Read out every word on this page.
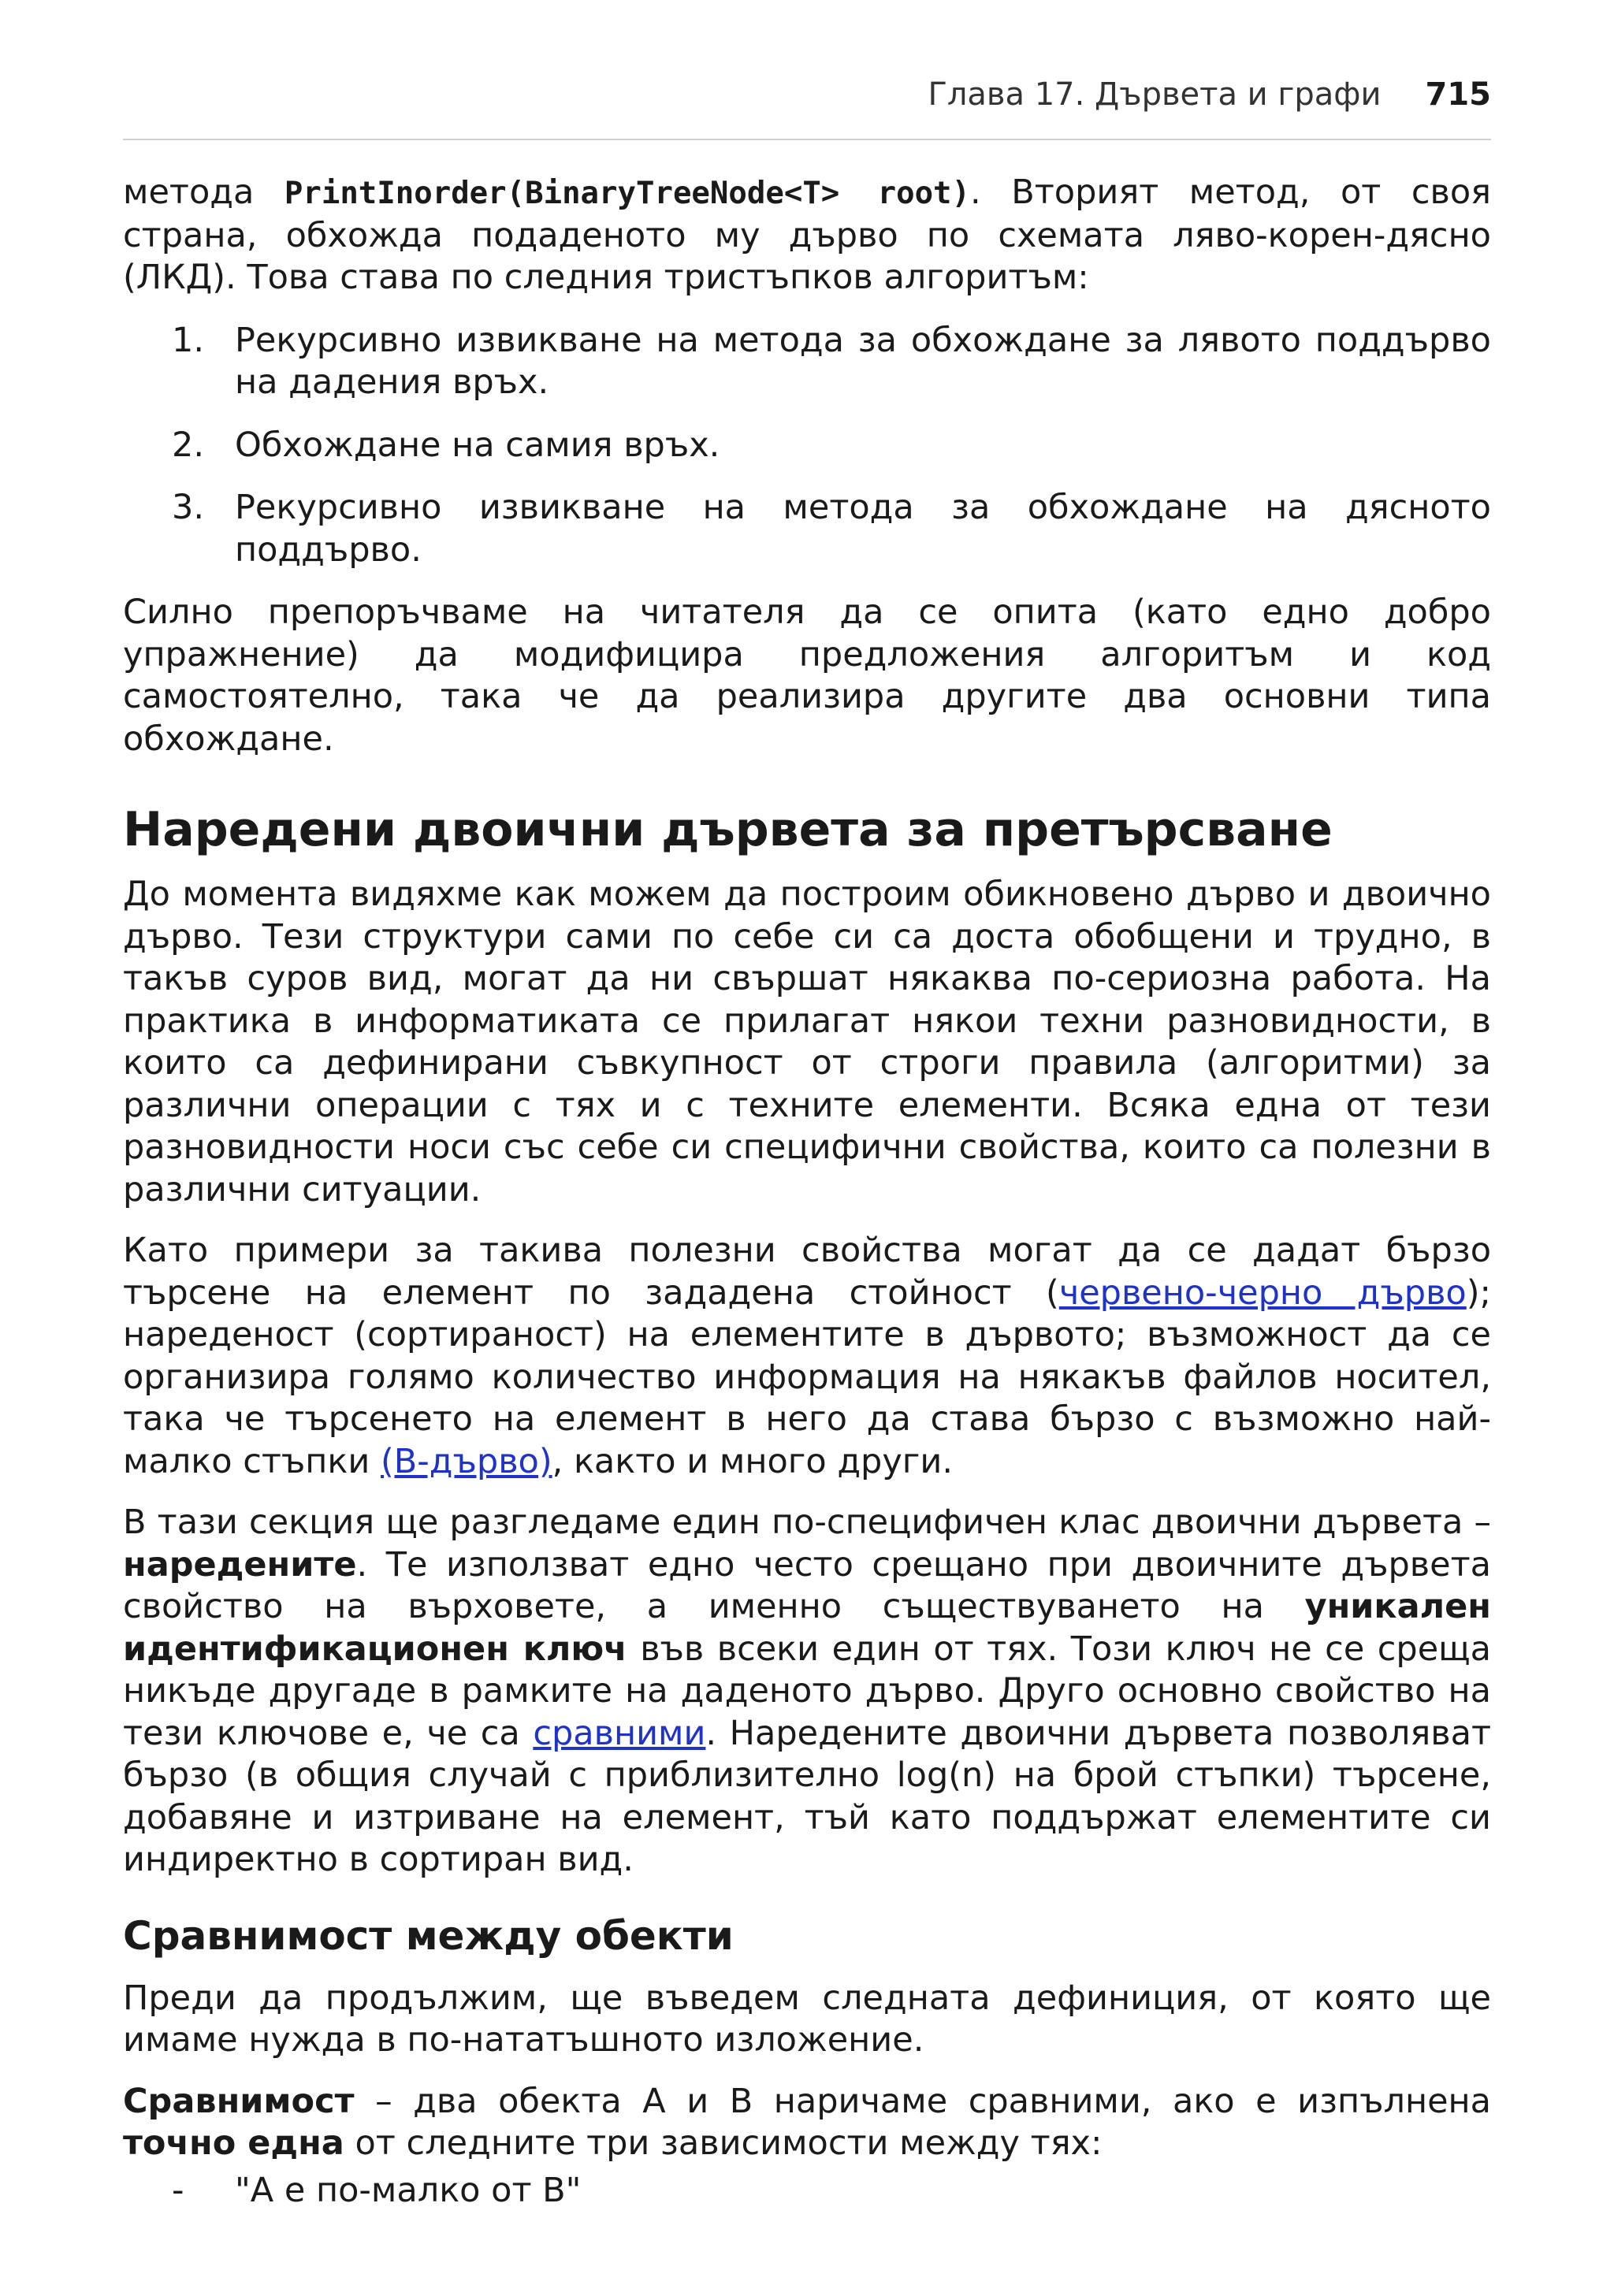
Глава 17. Дървета и графи 715

метода PrintInorder(BinaryTreeNode<T> root). Вторият метод, от своя страна, обхожда подаденото му дърво по схемата ляво-корен-дясно (ЛКД). Това става по следния тристъпков алгоритъм:

1. Рекурсивно извикване на метода за обхождане за лявото поддърво на дадения връх.
2. Обхождане на самия връх.
3. Рекурсивно извикване на метода за обхождане на дясното поддърво.

Силно препоръчваме на читателя да се опита (като едно добро упражнение) да модифицира предложения алгоритъм и код самостоятелно, така че да реализира другите два основни типа обхождане.

Наредени двоични дървета за претърсване

До момента видяхме как можем да построим обикновено дърво и двоично дърво. Тези структури сами по себе си са доста обобщени и трудно, в такъв суров вид, могат да ни свършат някаква по-сериозна работа. На практика в информатиката се прилагат някои техни разновидности, в които са дефинирани съвкупност от строги правила (алгоритми) за различни операции с тях и с техните елементи. Всяка една от тези разновидности носи със себе си специфични свойства, които са полезни в различни ситуации.

Като примери за такива полезни свойства могат да се дадат бързо търсене на елемент по зададена стойност (червено-черно дърво); нареденост (сортираност) на елементите в дървото; възможност да се организира голямо количество информация на някакъв файлов носител, така че търсенето на елемент в него да става бързо с възможно най-малко стъпки (B-дърво), както и много други.

В тази секция ще разгледаме един по-специфичен клас двоични дървета – наредените. Те използват едно често срещано при двоичните дървета свойство на върховете, а именно съществуването на уникален идентификационен ключ във всеки един от тях. Този ключ не се среща никъде другаде в рамките на даденото дърво. Друго основно свойство на тези ключове е, че са сравними. Наредените двоични дървета позволяват бързо (в общия случай с приблизително log(n) на брой стъпки) търсене, добавяне и изтриване на елемент, тъй като поддържат елементите си индиректно в сортиран вид.

Сравнимост между обекти

Преди да продължим, ще въведем следната дефиниция, от която ще имаме нужда в по-нататъшното изложение.

Сравнимост – два обекта A и B наричаме сравними, ако е изпълнена точно една от следните три зависимости между тях:

- "A е по-малко от B"
